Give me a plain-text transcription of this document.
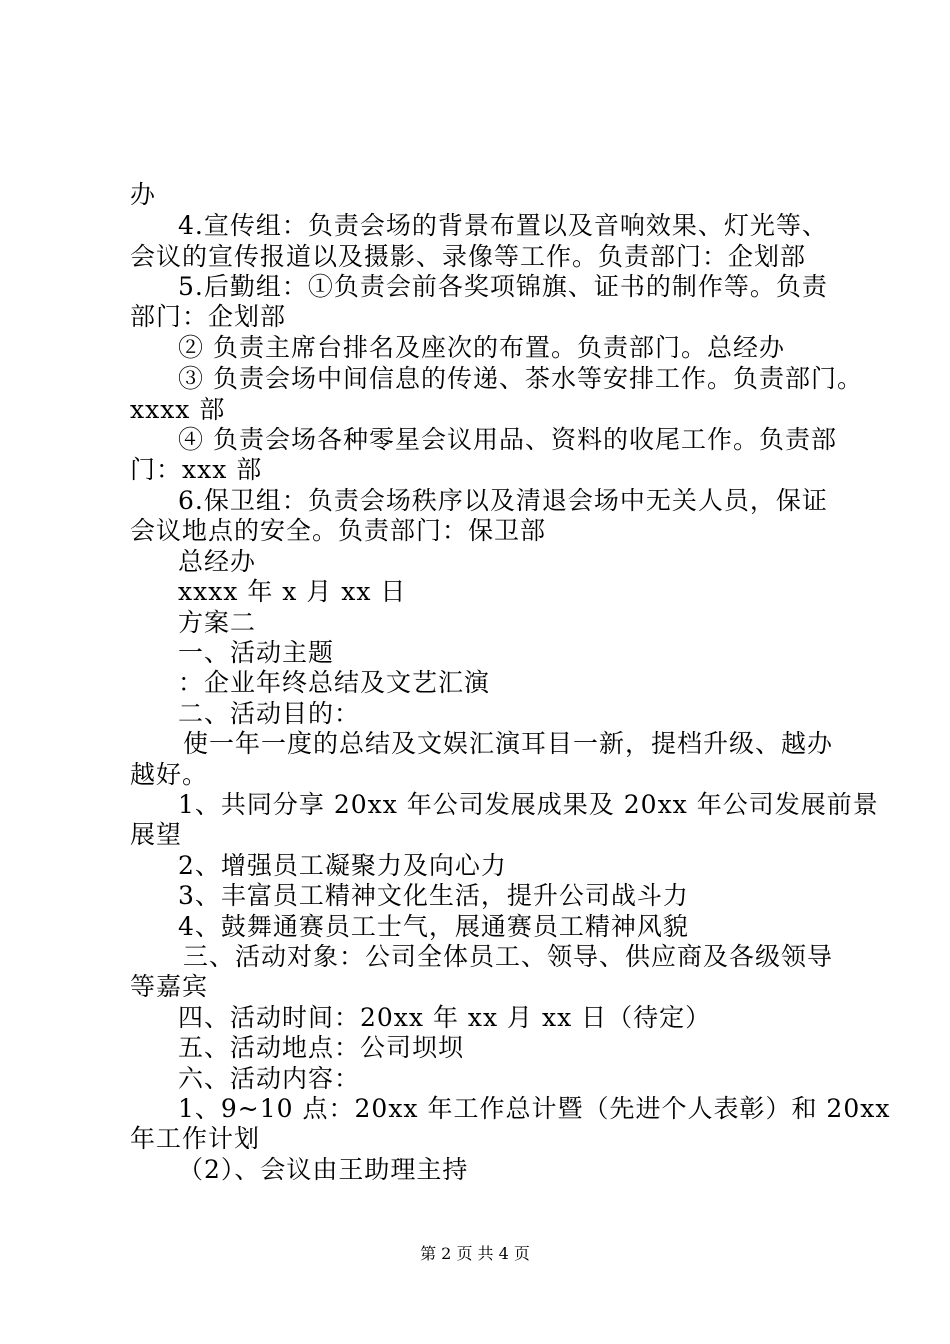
办
4.宣传组：负责会场的背景布置以及音响效果、灯光等、
会议的宣传报道以及摄影、录像等工作。负责部门：企划部
5.后勤组：①负责会前各奖项锦旗、证书的制作等。负责
部门：企划部
② 负责主席台排名及座次的布置。负责部门。总经办
③ 负责会场中间信息的传递、茶水等安排工作。负责部门。
xxxx 部
④ 负责会场各种零星会议用品、资料的收尾工作。负责部
门：xxx 部
6.保卫组：负责会场秩序以及清退会场中无关人员，保证
会议地点的安全。负责部门：保卫部
总经办
xxxx 年 x 月 xx 日
方案二
一、活动主题
：企业年终总结及文艺汇演
二、活动目的：
使一年一度的总结及文娱汇演耳目一新，提档升级、越办
越好。
1、共同分享 20xx 年公司发展成果及 20xx 年公司发展前景
展望
2、增强员工凝聚力及向心力
3、丰富员工精神文化生活，提升公司战斗力
4、鼓舞通赛员工士气，展通赛员工精神风貌
三、活动对象：公司全体员工、领导、供应商及各级领导
等嘉宾
四、活动时间：20xx 年 xx 月 xx 日（待定）
五、活动地点：公司坝坝
六、活动内容：
1、9~10 点：20xx 年工作总计暨（先进个人表彰）和 20xx
年工作计划
（2）、会议由王助理主持
第 2 页 共 4 页
